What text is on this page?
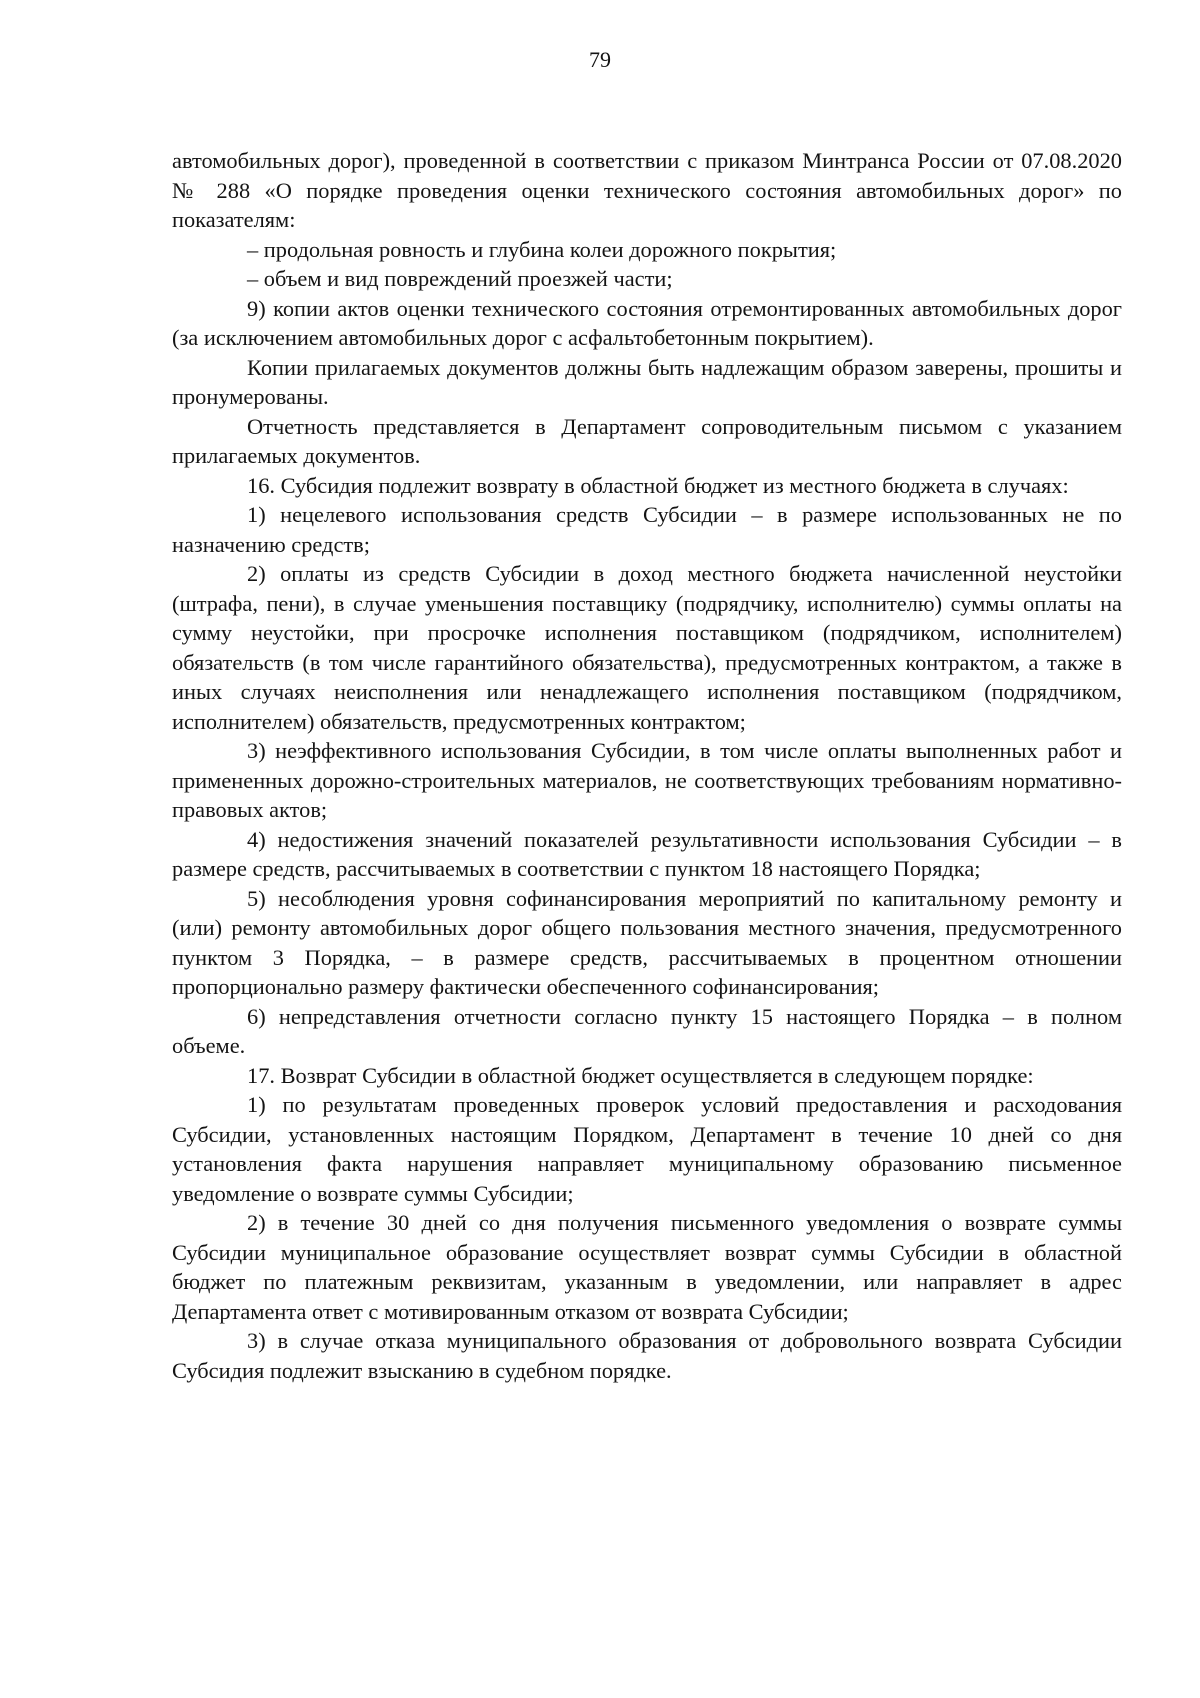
79

автомобильных дорог), проведенной в соответствии с приказом Минтранса России от 07.08.2020 № 288 «О порядке проведения оценки технического состояния автомобильных дорог» по показателям:

– продольная ровность и глубина колеи дорожного покрытия;

– объем и вид повреждений проезжей части;

9) копии актов оценки технического состояния отремонтированных автомобильных дорог (за исключением автомобильных дорог с асфальтобетонным покрытием).

Копии прилагаемых документов должны быть надлежащим образом заверены, прошиты и пронумерованы.

Отчетность представляется в Департамент сопроводительным письмом с указанием прилагаемых документов.

16. Субсидия подлежит возврату в областной бюджет из местного бюджета в случаях:

1) нецелевого использования средств Субсидии – в размере использованных не по назначению средств;

2) оплаты из средств Субсидии в доход местного бюджета начисленной неустойки (штрафа, пени), в случае уменьшения поставщику (подрядчику, исполнителю) суммы оплаты на сумму неустойки, при просрочке исполнения поставщиком (подрядчиком, исполнителем) обязательств (в том числе гарантийного обязательства), предусмотренных контрактом, а также в иных случаях неисполнения или ненадлежащего исполнения поставщиком (подрядчиком, исполнителем) обязательств, предусмотренных контрактом;

3) неэффективного использования Субсидии, в том числе оплаты выполненных работ и примененных дорожно-строительных материалов, не соответствующих требованиям нормативно-правовых актов;

4) недостижения значений показателей результативности использования Субсидии – в размере средств, рассчитываемых в соответствии с пунктом 18 настоящего Порядка;

5) несоблюдения уровня софинансирования мероприятий по капитальному ремонту и (или) ремонту автомобильных дорог общего пользования местного значения, предусмотренного пунктом 3 Порядка, – в размере средств, рассчитываемых в процентном отношении пропорционально размеру фактически обеспеченного софинансирования;

6) непредставления отчетности согласно пункту 15 настоящего Порядка – в полном объеме.

17. Возврат Субсидии в областной бюджет осуществляется в следующем порядке:

1) по результатам проведенных проверок условий предоставления и расходования Субсидии, установленных настоящим Порядком, Департамент в течение 10 дней со дня установления факта нарушения направляет муниципальному образованию письменное уведомление о возврате суммы Субсидии;

2) в течение 30 дней со дня получения письменного уведомления о возврате суммы Субсидии муниципальное образование осуществляет возврат суммы Субсидии в областной бюджет по платежным реквизитам, указанным в уведомлении, или направляет в адрес Департамента ответ с мотивированным отказом от возврата Субсидии;

3) в случае отказа муниципального образования от добровольного возврата Субсидии Субсидия подлежит взысканию в судебном порядке.
